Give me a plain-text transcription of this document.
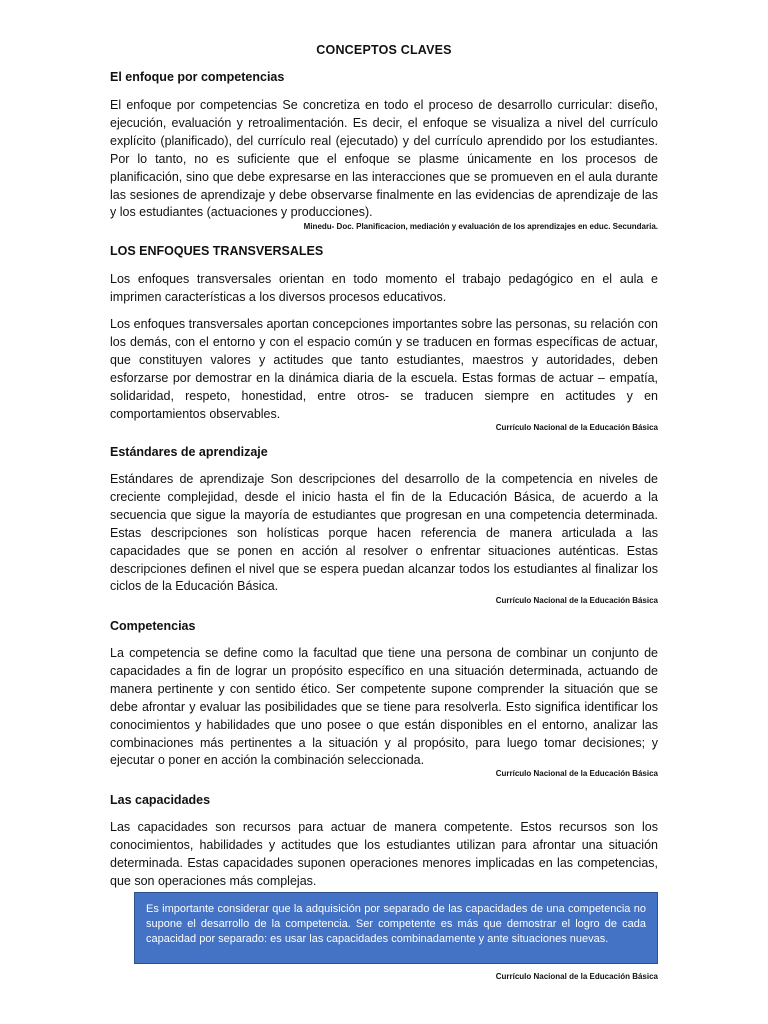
CONCEPTOS CLAVES
El enfoque por competencias
El enfoque por competencias Se concretiza en todo el proceso de desarrollo curricular: diseño, ejecución, evaluación y retroalimentación. Es decir, el enfoque se visualiza a nivel del currículo explícito (planificado), del currículo real (ejecutado) y del currículo aprendido por los estudiantes. Por lo tanto, no es suficiente que el enfoque se plasme únicamente en los procesos de planificación, sino que debe expresarse en las interacciones que se promueven en el aula durante las sesiones de aprendizaje y debe observarse finalmente en las evidencias de aprendizaje de las y los estudiantes (actuaciones y producciones).
Minedu- Doc. Planificacion, mediación y evaluación de los aprendizajes en educ. Secundaria.
LOS ENFOQUES TRANSVERSALES
Los enfoques transversales orientan en todo momento el trabajo pedagógico en el aula e imprimen características a los diversos procesos educativos.
Los enfoques transversales aportan concepciones importantes sobre las personas, su relación con los demás, con el entorno y con el espacio común y se traducen en formas específicas de actuar, que constituyen valores y actitudes que tanto estudiantes, maestros y autoridades, deben esforzarse por demostrar en la dinámica diaria de la escuela. Estas formas de actuar – empatía, solidaridad, respeto, honestidad, entre otros- se traducen siempre en actitudes y en comportamientos observables.
Currículo Nacional de la Educación Básica
Estándares de aprendizaje
Estándares de aprendizaje Son descripciones del desarrollo de la competencia en niveles de creciente complejidad, desde el inicio hasta el fin de la Educación Básica, de acuerdo a la secuencia que sigue la mayoría de estudiantes que progresan en una competencia determinada. Estas descripciones son holísticas porque hacen referencia de manera articulada a las capacidades que se ponen en acción al resolver o enfrentar situaciones auténticas. Estas descripciones definen el nivel que se espera puedan alcanzar todos los estudiantes al finalizar los ciclos de la Educación Básica.
Currículo Nacional de la Educación Básica
Competencias
La competencia se define como la facultad que tiene una persona de combinar un conjunto de capacidades a fin de lograr un propósito específico en una situación determinada, actuando de manera pertinente y con sentido ético. Ser competente supone comprender la situación que se debe afrontar y evaluar las posibilidades que se tiene para resolverla. Esto significa identificar los conocimientos y habilidades que uno posee o que están disponibles en el entorno, analizar las combinaciones más pertinentes a la situación y al propósito, para luego tomar decisiones; y ejecutar o poner en acción la combinación seleccionada.
Currículo Nacional de la Educación Básica
Las capacidades
Las capacidades son recursos para actuar de manera competente. Estos recursos son los conocimientos, habilidades y actitudes que los estudiantes utilizan para afrontar una situación determinada. Estas capacidades suponen operaciones menores implicadas en las competencias, que son operaciones más complejas.
Es importante considerar que la adquisición por separado de las capacidades de una competencia no supone el desarrollo de la competencia. Ser competente es más que demostrar el logro de cada capacidad por separado: es usar las capacidades combinadamente y ante situaciones nuevas.
Currículo Nacional de la Educación Básica
